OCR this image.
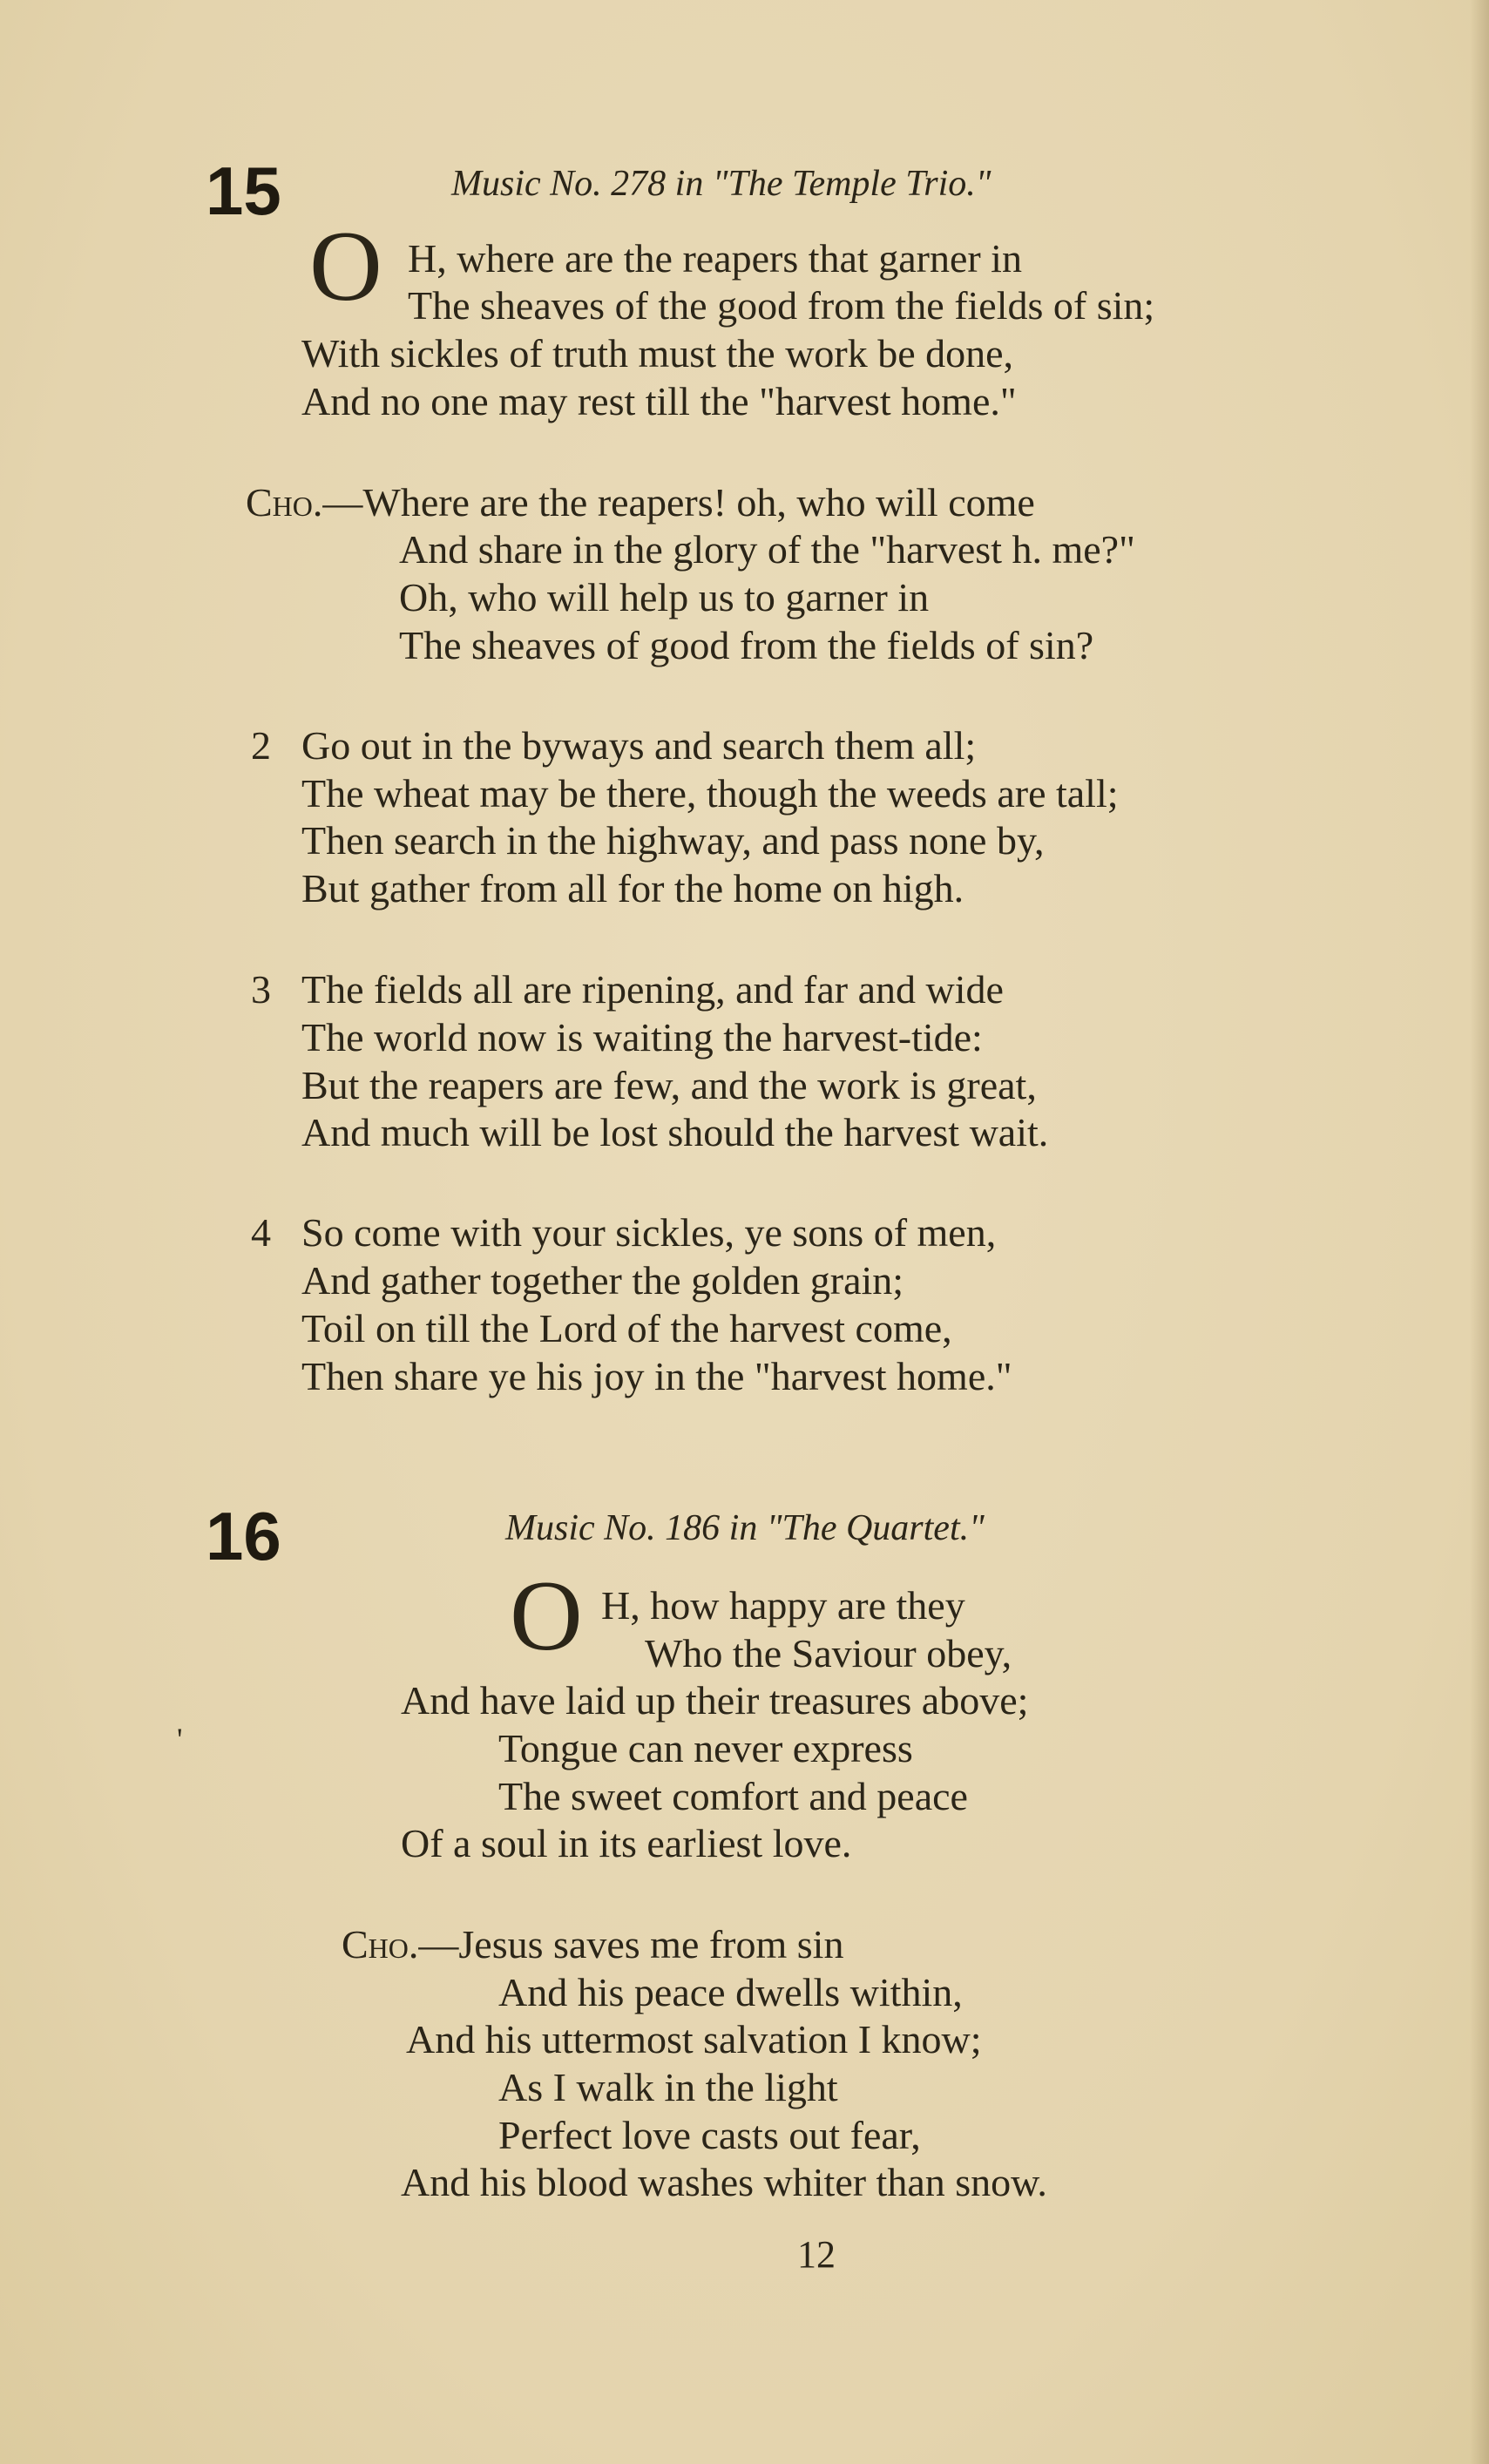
15	Music No. 278 in "The Temple Trio."
O H, where are the reapers that garner in
The sheaves of the good from the fields of sin;
With sickles of truth must the work be done,
And no one may rest till the "harvest home."
Cho.—Where are the reapers! oh, who will come
And share in the glory of the "harvest h. me?"
Oh, who will help us to garner in
The sheaves of good from the fields of sin?
2 Go out in the byways and search them all;
The wheat may be there, though the weeds are tall;
Then search in the highway, and pass none by,
But gather from all for the home on high.
3 The fields all are ripening, and far and wide
The world now is waiting the harvest-tide:
But the reapers are few, and the work is great,
And much will be lost should the harvest wait.
4 So come with your sickles, ye sons of men,
And gather together the golden grain;
Toil on till the Lord of the harvest come,
Then share ye his joy in the "harvest home."
16	Music No. 186 in "The Quartet."
O H, how happy are they
Who the Saviour obey,
And have laid up their treasures above;
Tongue can never express
The sweet comfort and peace
Of a soul in its earliest love.
Cho.—Jesus saves me from sin
And his peace dwells within,
And his uttermost salvation I know;
As I walk in the light
Perfect love casts out fear,
And his blood washes whiter than snow.
'
12
